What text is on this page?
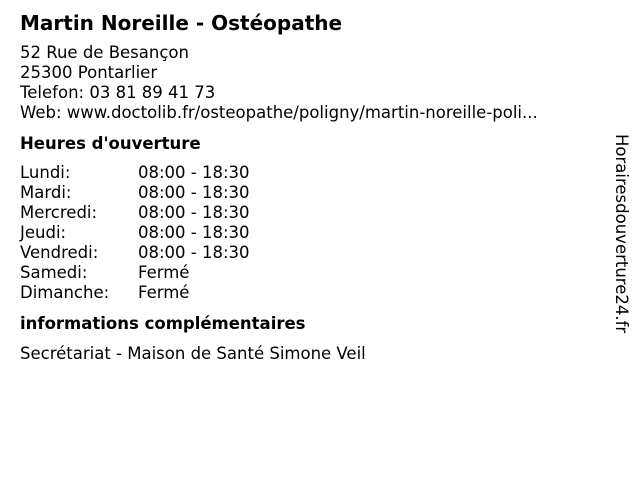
Martin Noreille - Ostéopathe
52 Rue de Besançon
25300 Pontarlier
Telefon: 03 81 89 41 73
Web: www.doctolib.fr/osteopathe/poligny/martin-noreille-poli...
Heures d'ouverture
Lundi:	08:00 - 18:30
Mardi:	08:00 - 18:30
Mercredi:	08:00 - 18:30
Jeudi:	08:00 - 18:30
Vendredi:	08:00 - 18:30
Samedi:	Fermé
Dimanche:	Fermé
informations complémentaires
Secrétariat - Maison de Santé Simone Veil
Horairesdouverture24.fr
